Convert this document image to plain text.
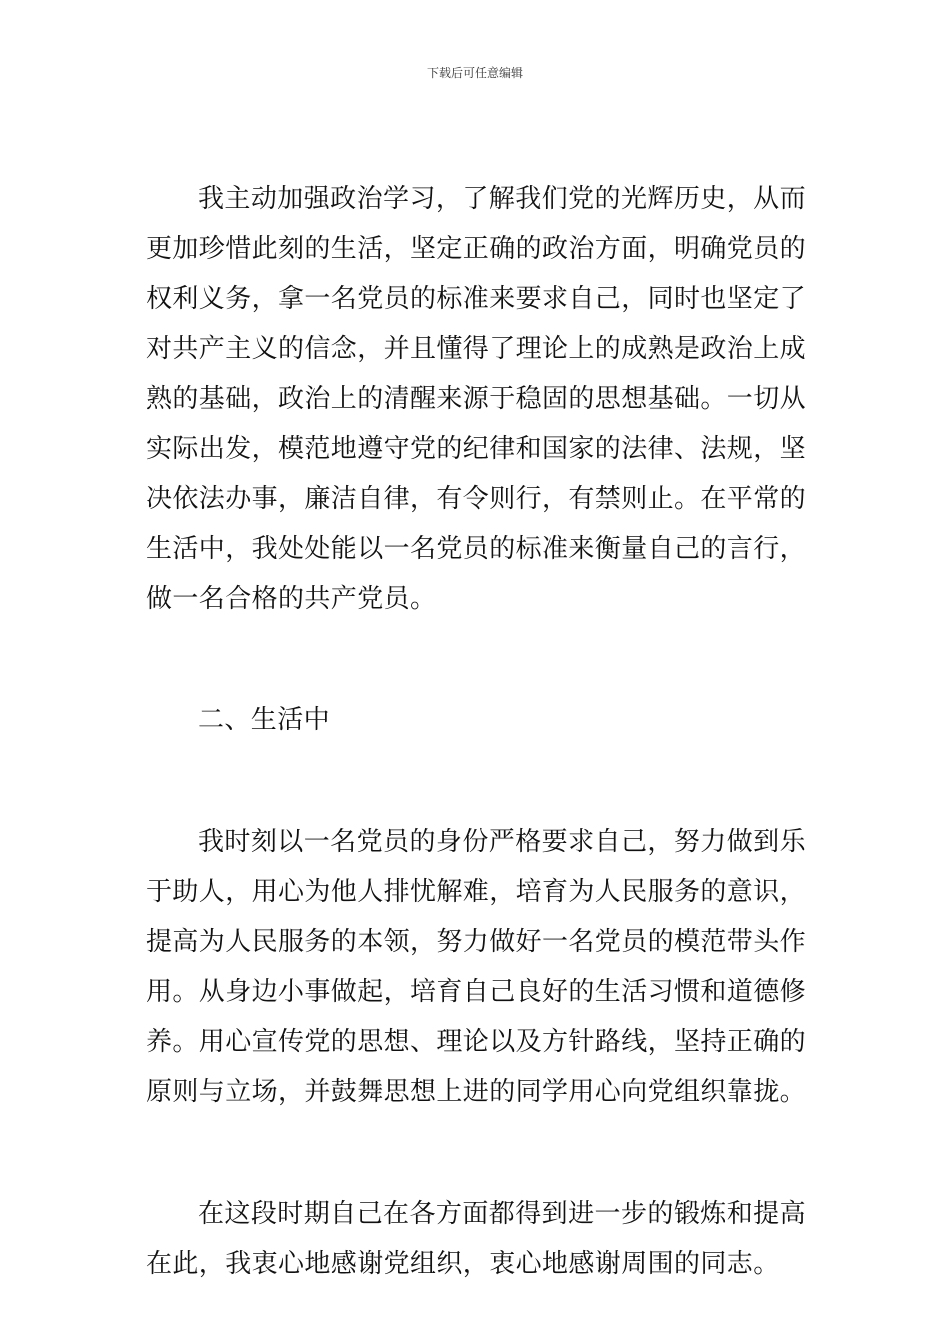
下载后可任意编辑

我主动加强政治学习，了解我们党的光辉历史，从而更加珍惜此刻的生活，坚定正确的政治方面，明确党员的权利义务，拿一名党员的标准来要求自己，同时也坚定了对共产主义的信念，并且懂得了理论上的成熟是政治上成熟的基础，政治上的清醒来源于稳固的思想基础。一切从实际出发，模范地遵守党的纪律和国家的法律、法规，坚决依法办事，廉洁自律，有令则行，有禁则止。在平常的生活中，我处处能以一名党员的标准来衡量自己的言行，做一名合格的共产党员。

二、生活中

我时刻以一名党员的身份严格要求自己，努力做到乐于助人，用心为他人排忧解难，培育为人民服务的意识，提高为人民服务的本领，努力做好一名党员的模范带头作用。从身边小事做起，培育自己良好的生活习惯和道德修养。用心宣传党的思想、理论以及方针路线，坚持正确的原则与立场，并鼓舞思想上进的同学用心向党组织靠拢。

在这段时期自己在各方面都得到进一步的锻炼和提高在此，我衷心地感谢党组织，衷心地感谢周围的同志。
